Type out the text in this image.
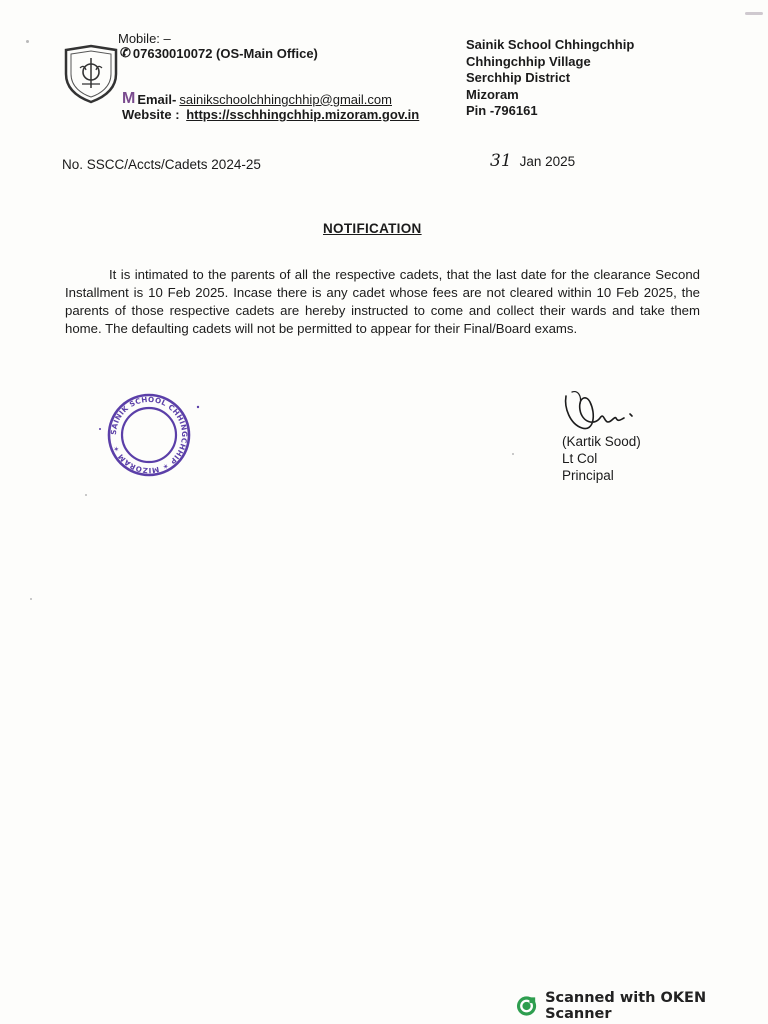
Mobile: –
✆ 07630010072 (OS-Main Office)
M Email- sainikschoolchhingchhip@gmail.com
Website : https://sschhingchhip.mizoram.gov.in
Sainik School Chhingchhip
Chhingchhip Village
Serchhip District
Mizoram
Pin -796161
No. SSCC/Accts/Cadets 2024-25	31 Jan 2025
NOTIFICATION
It is intimated to the parents of all the respective cadets, that the last date for the clearance Second Installment is 10 Feb 2025. Incase there is any cadet whose fees are not cleared within 10 Feb 2025, the parents of those respective cadets are hereby instructed to come and collect their wards and take them home. The defaulting cadets will not be permitted to appear for their Final/Board exams.
SAINIK SCHOOL CHHINGCHHIP ✶ MIZORAM ✶	(Kartik Sood)
Lt Col
Principal
Scanned with OKEN Scanner
